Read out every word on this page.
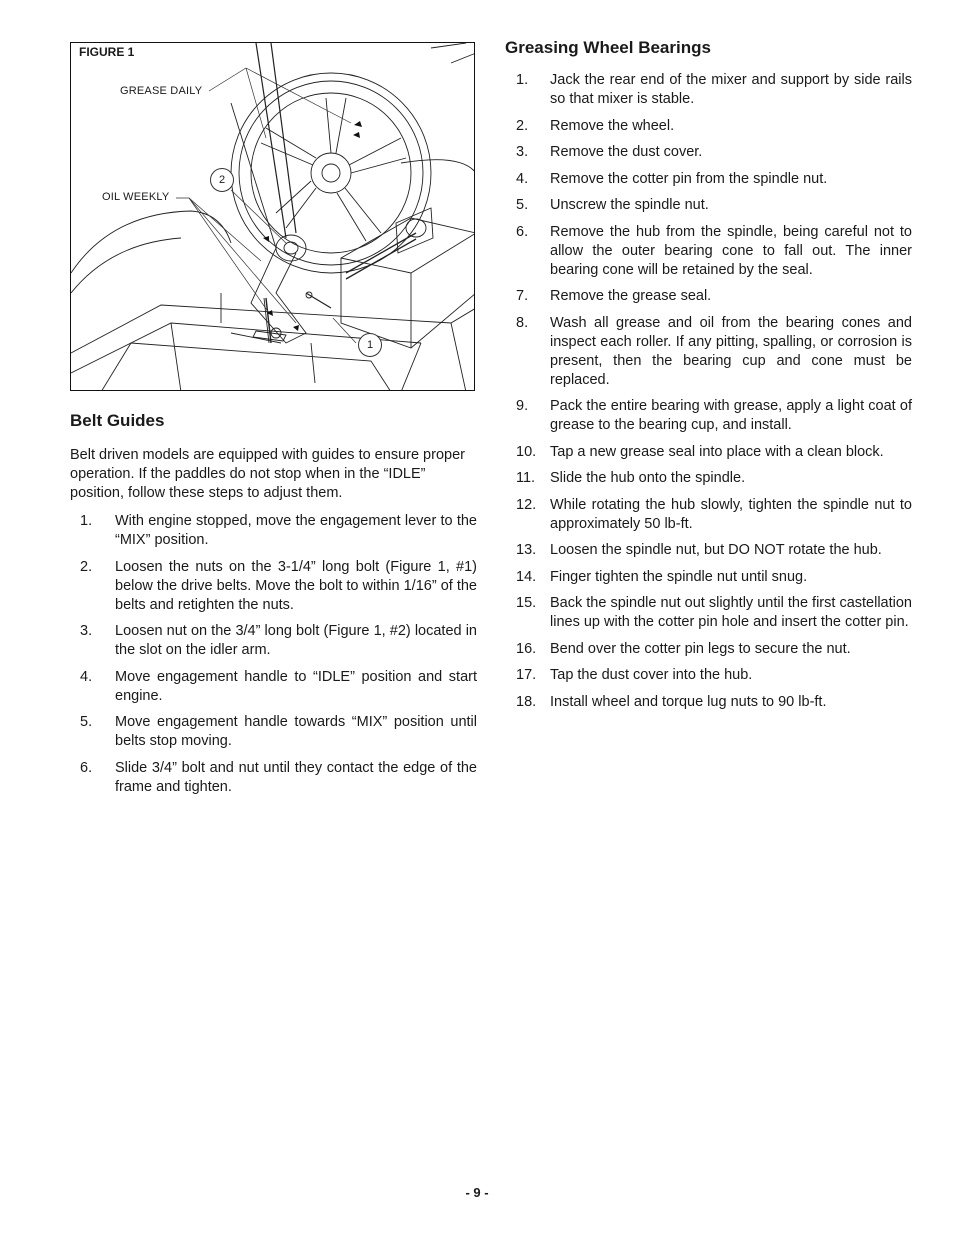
FIGURE 1
GREASE DAILY
OIL WEEKLY
2
1
Belt Guides
Belt driven models are equipped with guides to ensure proper operation. If the paddles do not stop when in the “IDLE” position, follow these steps to adjust them.
1. With engine stopped, move the engagement lever to the “MIX” position.
2. Loosen the nuts on the 3-1/4” long bolt (Figure 1, #1) below the drive belts. Move the bolt to within 1/16” of the belts and retighten the nuts.
3. Loosen nut on the 3/4” long bolt (Figure 1, #2) located in the slot on the idler arm.
4. Move engagement handle to “IDLE” position and start engine.
5. Move engagement handle towards “MIX” position until belts stop moving.
6. Slide 3/4” bolt and nut until they contact the edge of the frame and tighten.
Greasing Wheel Bearings
1. Jack the rear end of the mixer and support by side rails so that mixer is stable.
2. Remove the wheel.
3. Remove the dust cover.
4. Remove the cotter pin from the spindle nut.
5. Unscrew the spindle nut.
6. Remove the hub from the spindle, being careful not to allow the outer bearing cone to fall out. The inner bearing cone will be retained by the seal.
7. Remove the grease seal.
8. Wash all grease and oil from the bearing cones and inspect each roller. If any pitting, spalling, or corrosion is present, then the bearing cup and cone must be replaced.
9. Pack the entire bearing with grease, apply a light coat of grease to the bearing cup, and install.
10. Tap a new grease seal into place with a clean block.
11. Slide the hub onto the spindle.
12. While rotating the hub slowly, tighten the spindle nut to approximately 50 lb-ft.
13. Loosen the spindle nut, but DO NOT rotate the hub.
14. Finger tighten the spindle nut until snug.
15. Back the spindle nut out slightly until the first castellation lines up with the cotter pin hole and insert the cotter pin.
16. Bend over the cotter pin legs to secure the nut.
17. Tap the dust cover into the hub.
18. Install wheel and torque lug nuts to 90 lb-ft.
- 9 -
